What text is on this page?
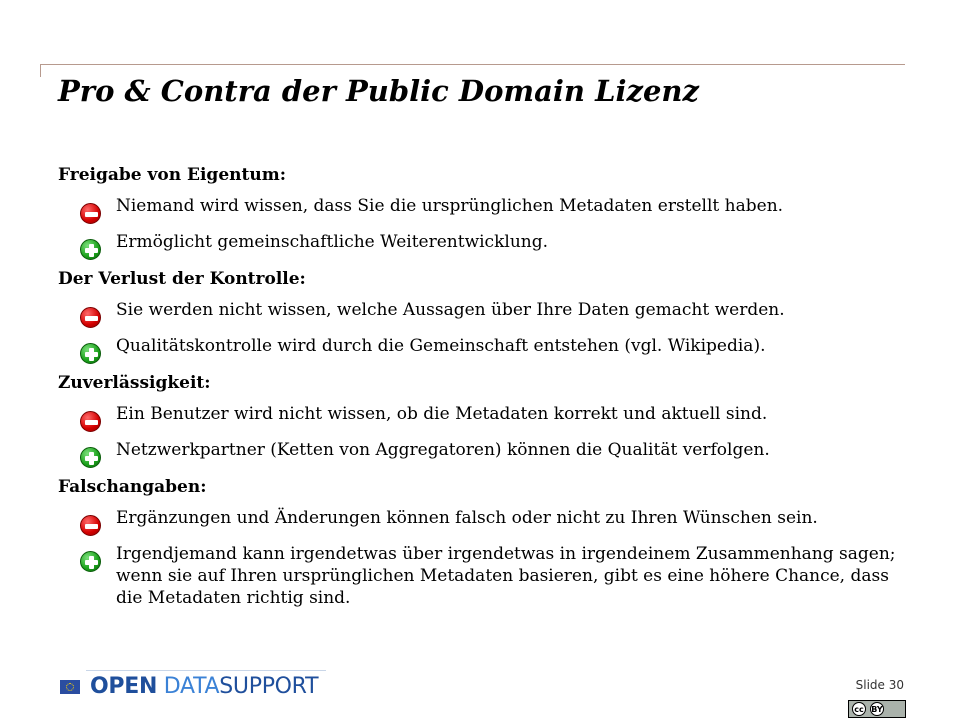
Pro & Contra der Public Domain Lizenz
Freigabe von Eigentum:
Niemand wird wissen, dass Sie die ursprünglichen Metadaten erstellt haben.
Ermöglicht gemeinschaftliche Weiterentwicklung.
Der Verlust der Kontrolle:
Sie werden nicht wissen, welche Aussagen über Ihre Daten gemacht werden.
Qualitätskontrolle wird durch die Gemeinschaft entstehen (vgl. Wikipedia).
Zuverlässigkeit:
Ein Benutzer wird nicht wissen, ob die Metadaten korrekt und aktuell sind.
Netzwerkpartner (Ketten von Aggregatoren) können die Qualität verfolgen.
Falschangaben:
Ergänzungen und Änderungen können falsch oder nicht zu Ihren Wünschen sein.
Irgendjemand kann irgendetwas über irgendetwas in irgendeinem Zusammenhang sagen; wenn sie auf Ihren ursprünglichen Metadaten basieren, gibt es eine höhere Chance, dass die Metadaten richtig sind.
OPEN DATASUPPORT	Slide 30
cc BY
